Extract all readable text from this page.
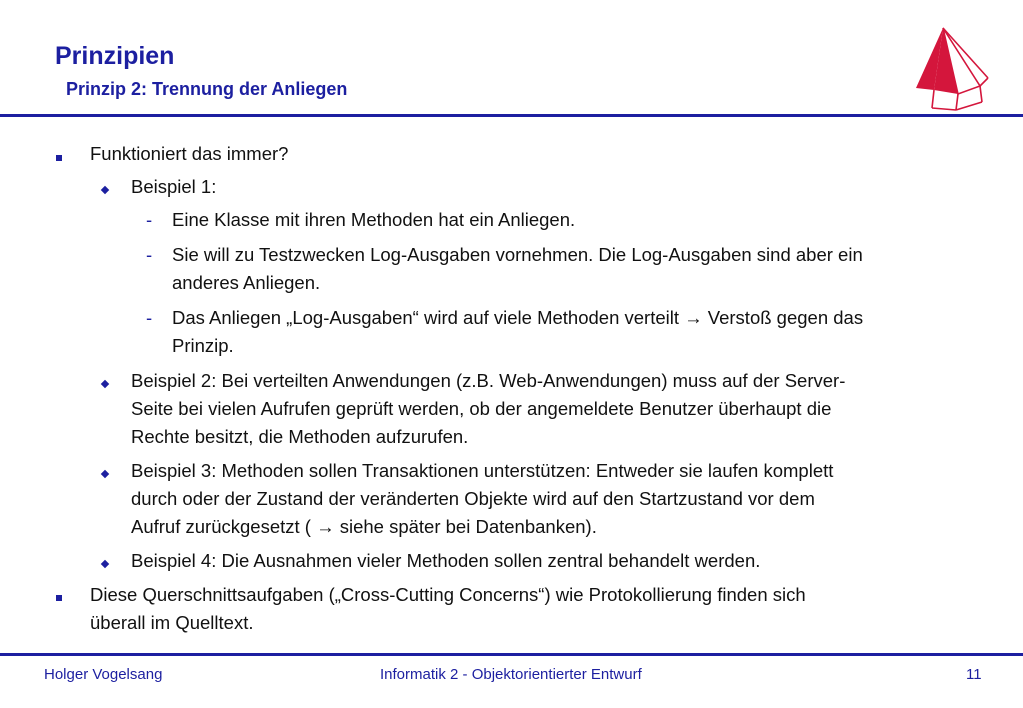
Prinzipien
Prinzip 2: Trennung der Anliegen
Funktioniert das immer?
Beispiel 1:
- Eine Klasse mit ihren Methoden hat ein Anliegen.
- Sie will zu Testzwecken Log-Ausgaben vornehmen. Die Log-Ausgaben sind aber ein
anderes Anliegen.
- Das Anliegen „Log-Ausgaben“ wird auf viele Methoden verteilt → Verstoß gegen das
Prinzip.
Beispiel 2: Bei verteilten Anwendungen (z.B. Web-Anwendungen) muss auf der Server-
Seite bei vielen Aufrufen geprüft werden, ob der angemeldete Benutzer überhaupt die
Rechte besitzt, die Methoden aufzurufen.
Beispiel 3: Methoden sollen Transaktionen unterstützen: Entweder sie laufen komplett
durch oder der Zustand der veränderten Objekte wird auf den Startzustand vor dem
Aufruf zurückgesetzt ( → siehe später bei Datenbanken).
Beispiel 4: Die Ausnahmen vieler Methoden sollen zentral behandelt werden.
Diese Querschnittsaufgaben („Cross-Cutting Concerns“) wie Protokollierung finden sich
überall im Quelltext.
Holger Vogelsang	Informatik 2 - Objektorientierter Entwurf	11
